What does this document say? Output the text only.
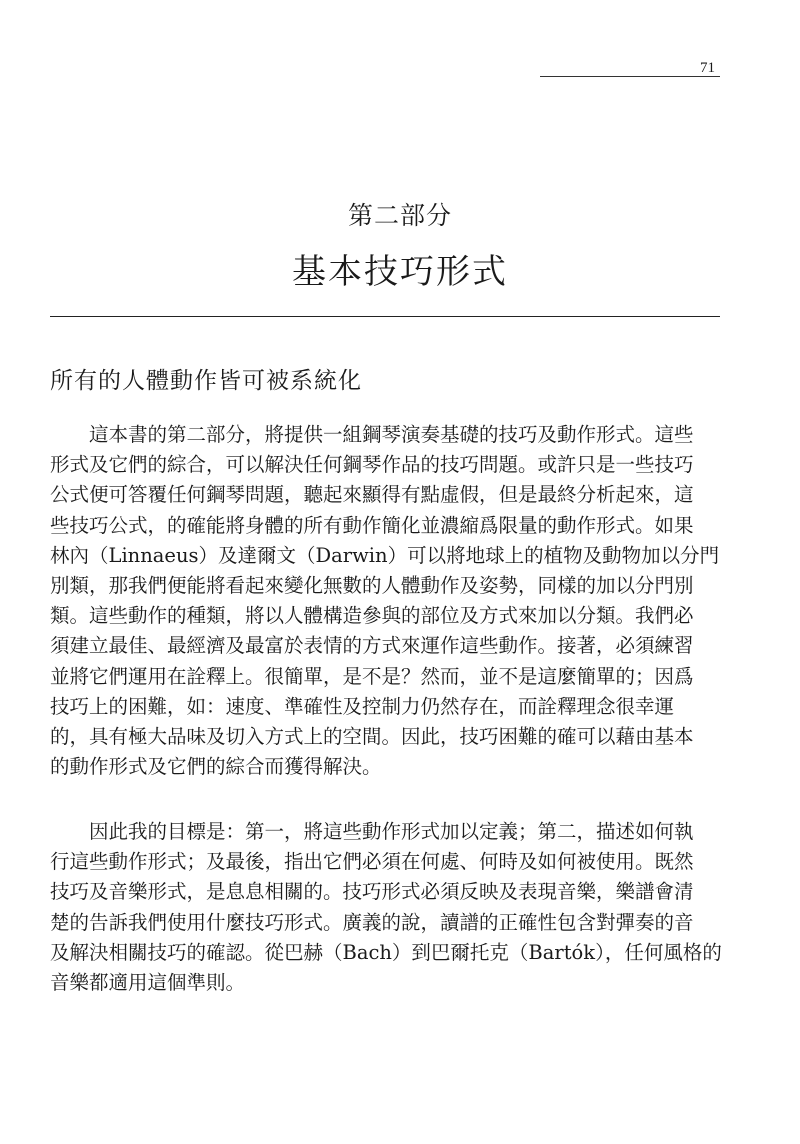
71
第二部分
基本技巧形式
所有的人體動作皆可被系統化

　　這本書的第二部分，將提供一組鋼琴演奏基礎的技巧及動作形式。這些
形式及它們的綜合，可以解決任何鋼琴作品的技巧問題。或許只是一些技巧
公式便可答覆任何鋼琴問題，聽起來顯得有點虛假，但是最終分析起來，這
些技巧公式，的確能將身體的所有動作簡化並濃縮爲限量的動作形式。如果
林內（Linnaeus）及達爾文（Darwin）可以將地球上的植物及動物加以分門
別類，那我們便能將看起來變化無數的人體動作及姿勢，同樣的加以分門別
類。這些動作的種類，將以人體構造參與的部位及方式來加以分類。我們必
須建立最佳、最經濟及最富於表情的方式來運作這些動作。接著，必須練習
並將它們運用在詮釋上。很簡單，是不是？然而，並不是這麼簡單的；因爲
技巧上的困難，如：速度、準確性及控制力仍然存在，而詮釋理念很幸運
的，具有極大品味及切入方式上的空間。因此，技巧困難的確可以藉由基本
的動作形式及它們的綜合而獲得解決。

　　因此我的目標是：第一，將這些動作形式加以定義；第二，描述如何執
行這些動作形式；及最後，指出它們必須在何處、何時及如何被使用。既然
技巧及音樂形式，是息息相關的。技巧形式必須反映及表現音樂，樂譜會清
楚的告訴我們使用什麼技巧形式。廣義的說，讀譜的正確性包含對彈奏的音
及解決相關技巧的確認。從巴赫（Bach）到巴爾托克（Bartók），任何風格的
音樂都適用這個準則。
